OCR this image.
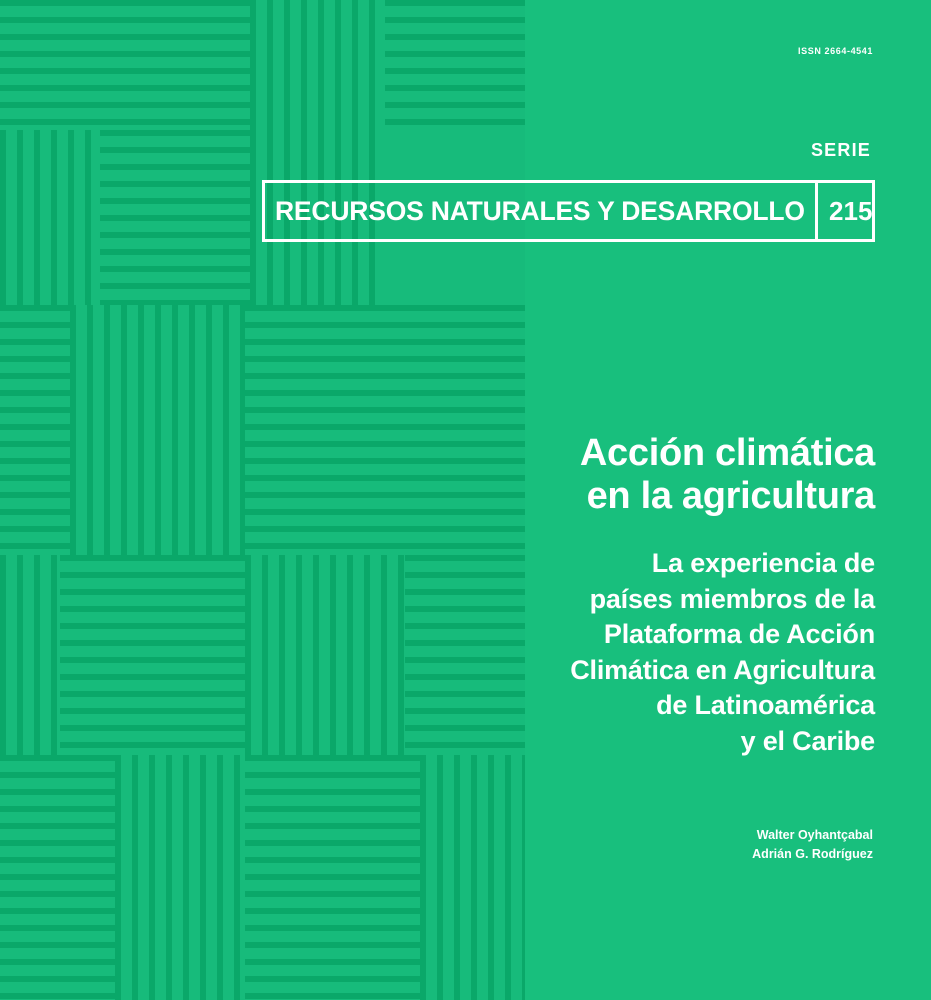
ISSN 2664-4541
SERIE
RECURSOS NATURALES Y DESARROLLO 215
Acción climática
en la agricultura

La experiencia de
países miembros de la
Plataforma de Acción
Climática en Agricultura
de Latinoamérica
y el Caribe

Walter Oyhantçabal
Adrián G. Rodríguez
